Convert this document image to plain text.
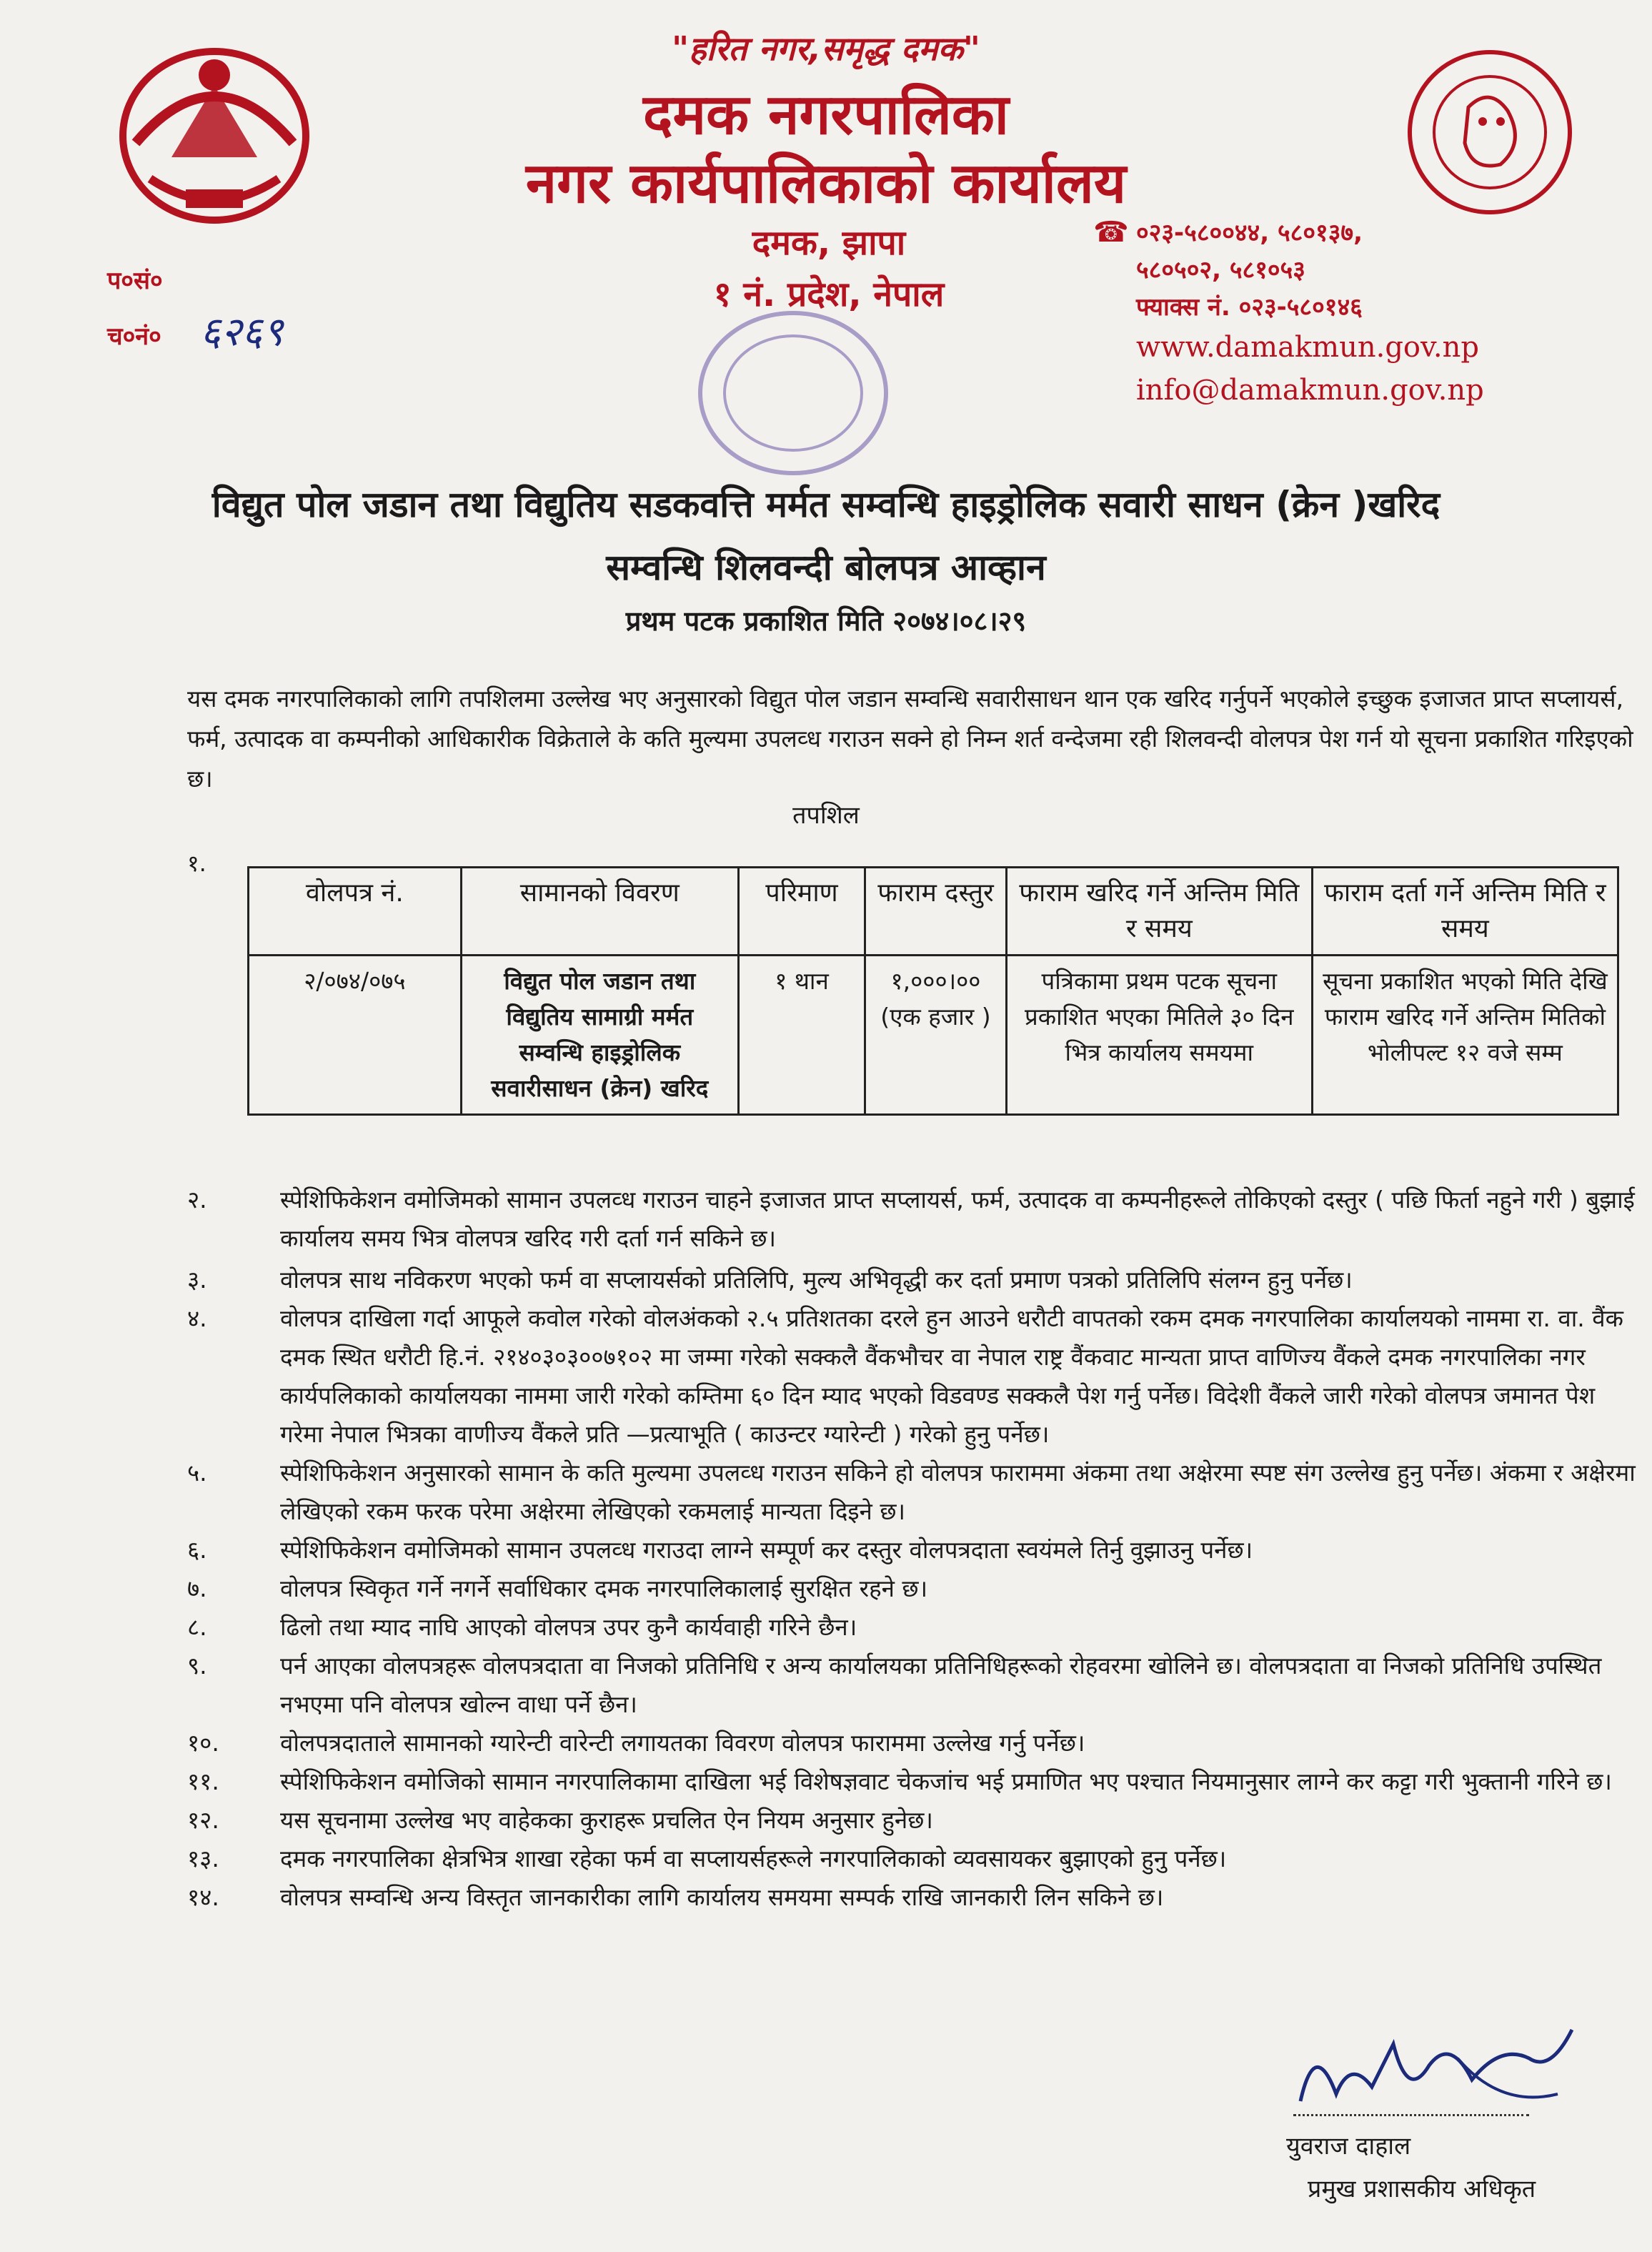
"हरित नगर,समृद्ध दमक"
दमक नगरपालिका
नगर कार्यपालिकाको कार्यालय
दमक, झापा
१ नं. प्रदेश, नेपाल
☎ ०२३-५८००४४, ५८०१३७,
५८०५०२, ५८१०५३
फ्याक्स नं. ०२३-५८०१४६
www.damakmun.gov.np
info@damakmun.gov.np
प०सं०
च०नं० ६२६९
विद्युत पोल जडान तथा विद्युतिय सडकवत्ति मर्मत सम्वन्धि हाइड्रोलिक सवारी साधन (क्रेन )खरिद
सम्वन्धि शिलवन्दी बोलपत्र आव्हान
प्रथम पटक प्रकाशित मिति २०७४।०८।२९
यस दमक नगरपालिकाको लागि तपशिलमा उल्लेख भए अनुसारको विद्युत पोल जडान सम्वन्धि सवारीसाधन थान एक खरिद गर्नुपर्ने भएकोले इच्छुक इजाजत प्राप्त सप्लायर्स, फर्म, उत्पादक वा कम्पनीको आधिकारीक विक्रेताले के कति मुल्यमा उपलव्ध गराउन सक्ने हो निम्न शर्त वन्देजमा रही शिलवन्दी वोलपत्र पेश गर्न यो सूचना प्रकाशित गरिइएको छ।
तपशिल
१.
वोलपत्र नं.	सामानको विवरण	परिमाण	फाराम दस्तुर	फाराम खरिद गर्ने अन्तिम मिति र समय	फाराम दर्ता गर्ने अन्तिम मिति र समय
२/०७४/०७५	विद्युत पोल जडान तथा विद्युतिय सामाग्री मर्मत सम्वन्धि हाइड्रोलिक सवारीसाधन (क्रेन) खरिद	१ थान	१,०००।०० (एक हजार )	पत्रिकामा प्रथम पटक सूचना प्रकाशित भएका मितिले ३० दिन भित्र कार्यालय समयमा	सूचना प्रकाशित भएको मिति देखि फाराम खरिद गर्ने अन्तिम मितिको भोलीपल्ट १२ वजे सम्म
२.	स्पेशिफिकेशन वमोजिमको सामान उपलव्ध गराउन चाहने इजाजत प्राप्त सप्लायर्स, फर्म, उत्पादक वा कम्पनीहरूले तोकिएको दस्तुर ( पछि फिर्ता नहुने गरी ) बुझाई कार्यालय समय भित्र वोलपत्र खरिद गरी दर्ता गर्न सकिने छ।
३.	वोलपत्र साथ नविकरण भएको फर्म वा सप्लायर्सको प्रतिलिपि, मुल्य अभिवृद्धी कर दर्ता प्रमाण पत्रको प्रतिलिपि संलग्न हुनु पर्नेछ।
४.	वोलपत्र दाखिला गर्दा आफूले कवोल गरेको वोलअंकको २.५ प्रतिशतका दरले हुन आउने धरौटी वापतको रकम दमक नगरपालिका कार्यालयको नाममा रा. वा. वैंक दमक स्थित धरौटी हि.नं. २१४०३०३००७१०२ मा जम्मा गरेको सक्कलै वैंकभौचर वा नेपाल राष्ट्र वैंकवाट मान्यता प्राप्त वाणिज्य वैंकले दमक नगरपालिका नगर कार्यपलिकाको कार्यालयका नाममा जारी गरेको कम्तिमा ६० दिन म्याद भएको विडवण्ड सक्कलै पेश गर्नु पर्नेछ। विदेशी वैंकले जारी गरेको वोलपत्र जमानत पेश गरेमा नेपाल भित्रका वाणीज्य वैंकले प्रति —प्रत्याभूति ( काउन्टर ग्यारेन्टी ) गरेको हुनु पर्नेछ।
५.	स्पेशिफिकेशन अनुसारको सामान के कति मुल्यमा उपलव्ध गराउन सकिने हो वोलपत्र फाराममा अंकमा तथा अक्षेरमा स्पष्ट संग उल्लेख हुनु पर्नेछ। अंकमा र अक्षेरमा लेखिएको रकम फरक परेमा अक्षेरमा लेखिएको रकमलाई मान्यता दिइने छ।
६.	स्पेशिफिकेशन वमोजिमको सामान उपलव्ध गराउदा लाग्ने सम्पूर्ण कर दस्तुर वोलपत्रदाता स्वयंमले तिर्नु वुझाउनु पर्नेछ।
७.	वोलपत्र स्विकृत गर्ने नगर्ने सर्वाधिकार दमक नगरपालिकालाई सुरक्षित रहने छ।
८.	ढिलो तथा म्याद नाघि आएको वोलपत्र उपर कुनै कार्यवाही गरिने छैन।
९.	पर्न आएका वोलपत्रहरू वोलपत्रदाता वा निजको प्रतिनिधि र अन्य कार्यालयका प्रतिनिधिहरूको रोहवरमा खोलिने छ। वोलपत्रदाता वा निजको प्रतिनिधि उपस्थित नभएमा पनि वोलपत्र खोल्न वाधा पर्ने छैन।
१०.	वोलपत्रदाताले सामानको ग्यारेन्टी वारेन्टी लगायतका विवरण वोलपत्र फाराममा उल्लेख गर्नु पर्नेछ।
११.	स्पेशिफिकेशन वमोजिको सामान नगरपालिकामा दाखिला भई विशेषज्ञवाट चेकजांच भई प्रमाणित भए पश्चात नियमानुसार लाग्ने कर कट्टा गरी भुक्तानी गरिने छ।
१२.	यस सूचनामा उल्लेख भए वाहेकका कुराहरू प्रचलित ऐन नियम अनुसार हुनेछ।
१३.	दमक नगरपालिका क्षेत्रभित्र शाखा रहेका फर्म वा सप्लायर्सहरूले नगरपालिकाको व्यवसायकर बुझाएको हुनु पर्नेछ।
१४.	वोलपत्र सम्वन्धि अन्य विस्तृत जानकारीका लागि कार्यालय समयमा सम्पर्क राखि जानकारी लिन सकिने छ।
युवराज दाहाल
प्रमुख प्रशासकीय अधिकृत
